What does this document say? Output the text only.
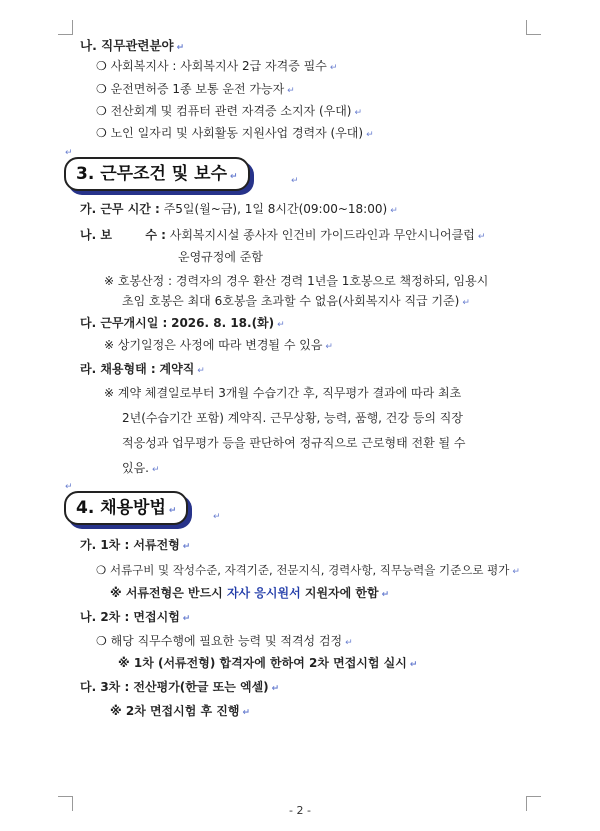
나. 직무관련분야 ↵
❍ 사회복지사 : 사회복지사 2급 자격증 필수 ↵
❍ 운전면허증 1종 보통 운전 가능자 ↵
❍ 전산회계 및 컴퓨터 관련 자격증 소지자 (우대) ↵
❍ 노인 일자리 및 사회활동 지원사업 경력자 (우대) ↵
↵
3. 근무조건 및 보수 ↵	↵
가. 근무 시간 : 주5일(월~금), 1일 8시간(09:00~18:00) ↵
나. 보        수 : 사회복지시설 종사자 인건비 가이드라인과 무안시니어클럽 ↵
운영규정에 준함
※ 호봉산정 : 경력자의 경우 환산 경력 1년을 1호봉으로 책정하되, 임용시
초임 호봉은 최대 6호봉을 초과할 수 없음(사회복지사 직급 기준) ↵
다. 근무개시일 : 2026. 8. 18.(화) ↵
※ 상기일정은 사정에 따라 변경될 수 있음 ↵
라. 채용형태 : 계약직 ↵
※ 계약 체결일로부터 3개월 수습기간 후, 직무평가 결과에 따라 최초
2년(수습기간 포함) 계약직. 근무상황, 능력, 품행, 건강 등의 직장
적응성과 업무평가 등을 판단하여 정규직으로 근로형태 전환 될 수
있음. ↵
↵
4. 채용방법 ↵
↵
가. 1차 : 서류전형 ↵
❍ 서류구비 및 작성수준, 자격기준, 전문지식, 경력사항, 직무능력을 기준으로 평가 ↵
※ 서류전형은 반드시 자사 응시원서 지원자에 한함 ↵
나. 2차 : 면접시험 ↵
❍ 해당 직무수행에 필요한 능력 및 적격성 검정 ↵
※ 1차 (서류전형) 합격자에 한하여 2차 면접시험 실시 ↵
다. 3차 : 전산평가(한글 또는 엑셀) ↵
※ 2차 면접시험 후 진행 ↵
- 2 -
